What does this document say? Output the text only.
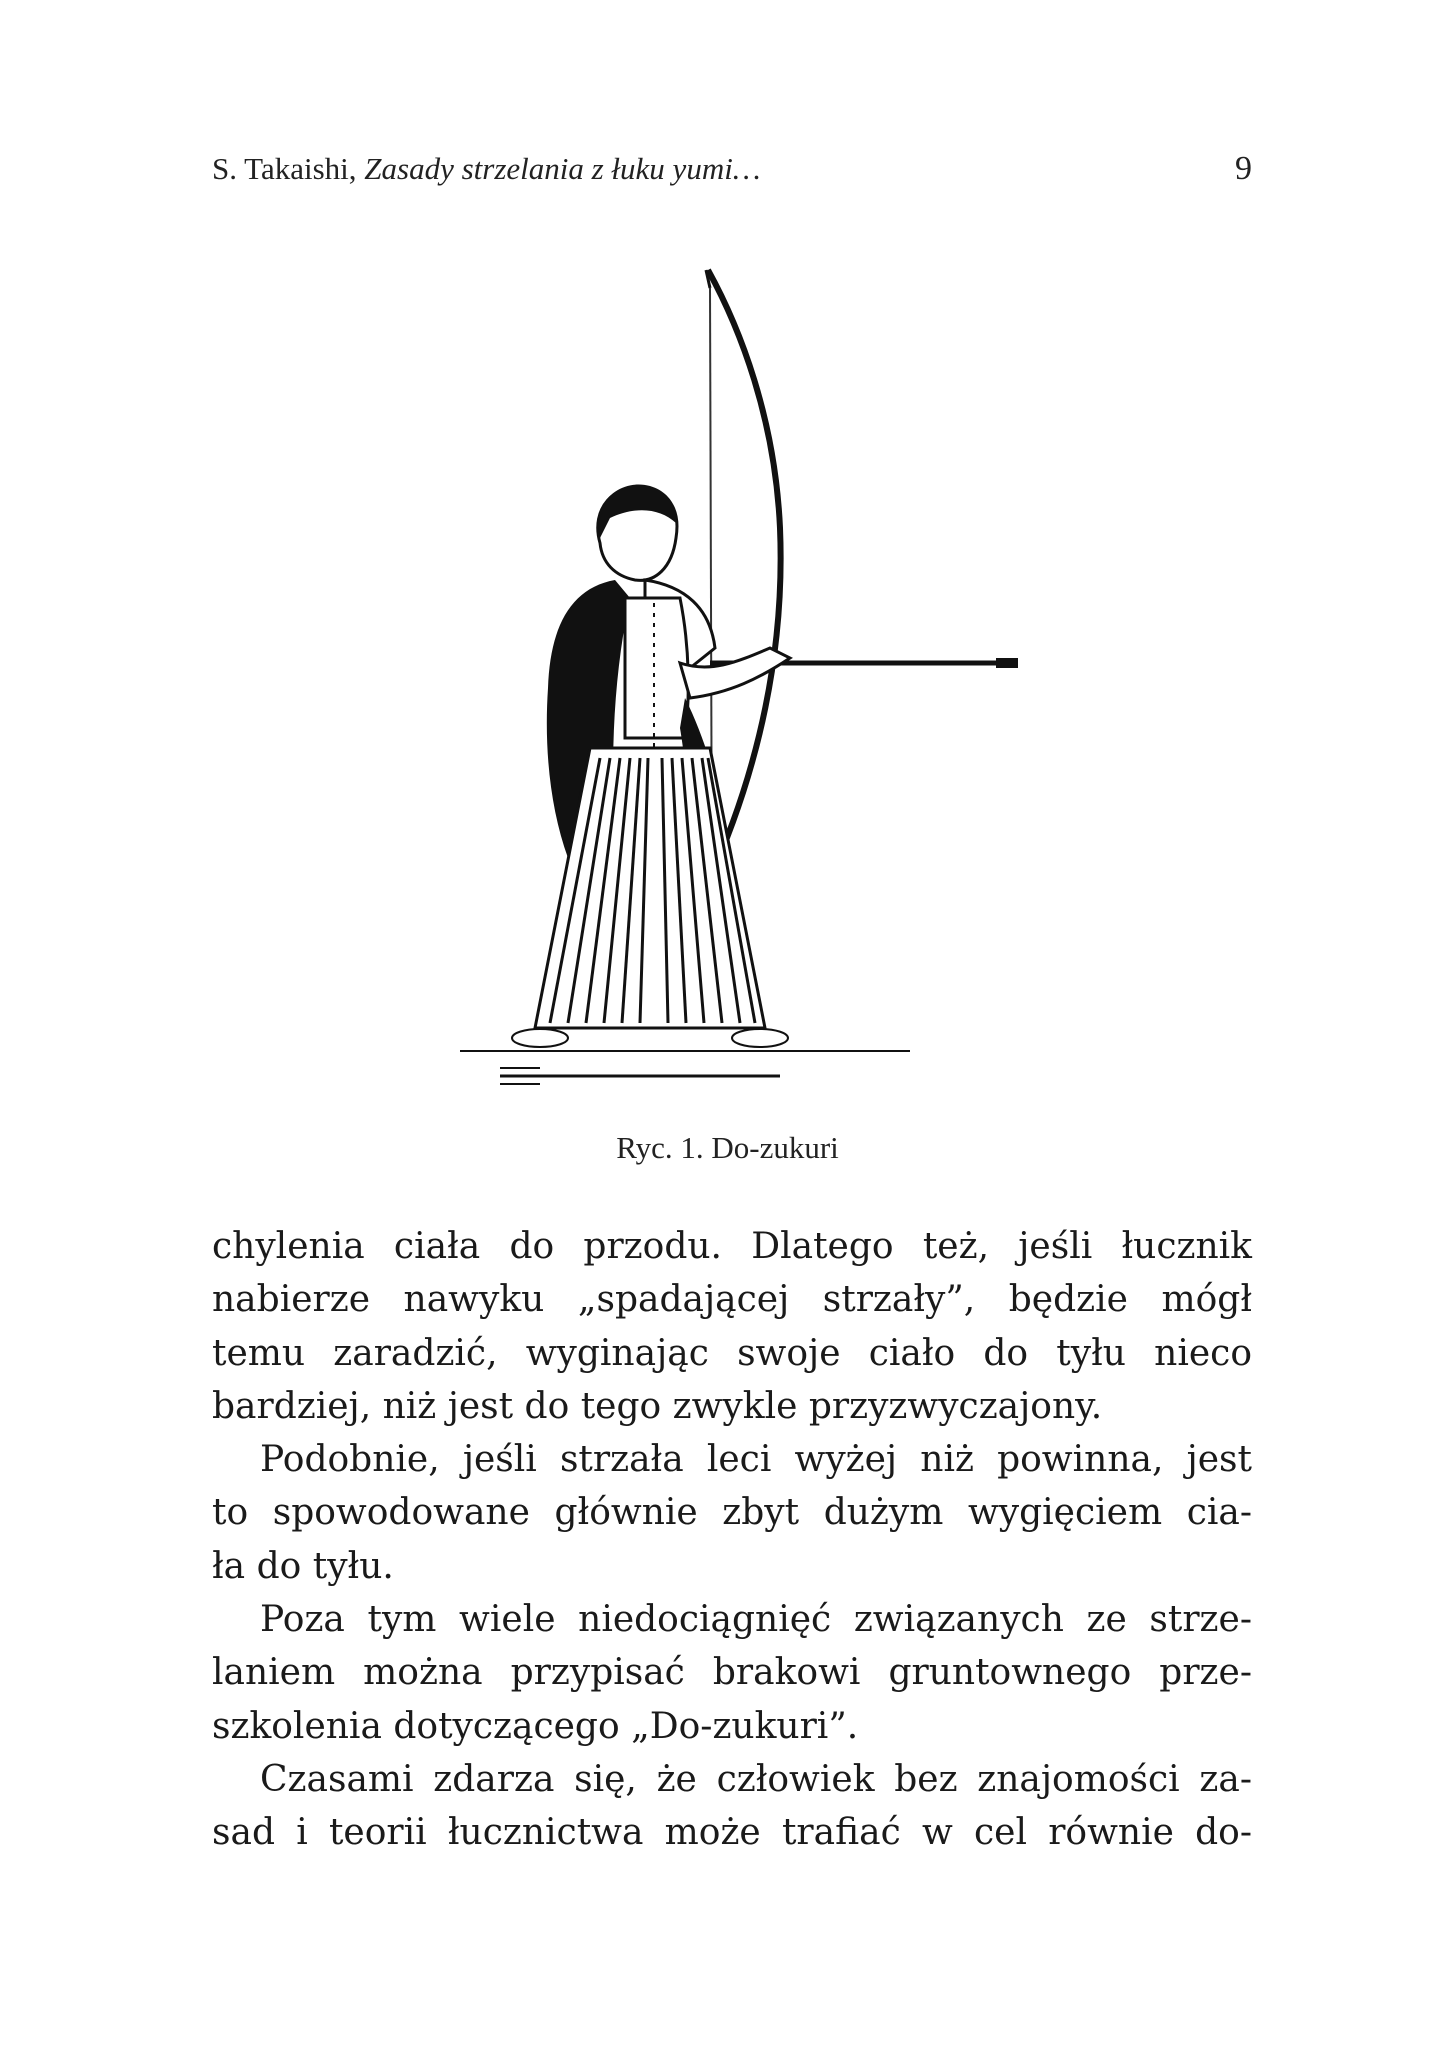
S. Takaishi, Zasady strzelania z łuku yumi…	9
Ryc. 1. Do-zukuri
chylenia ciała do przodu. Dlatego też, jeśli łucznik
nabierze nawyku „spadającej strzały”, będzie mógł
temu zaradzić, wyginając swoje ciało do tyłu nieco
bardziej, niż jest do tego zwykle przyzwyczajony.
Podobnie, jeśli strzała leci wyżej niż powinna, jest
to spowodowane głównie zbyt dużym wygięciem cia-
ła do tyłu.
Poza tym wiele niedociągnięć związanych ze strze-
laniem można przypisać brakowi gruntownego prze-
szkolenia dotyczącego „Do-zukuri”.
Czasami zdarza się, że człowiek bez znajomości za-
sad i teorii łucznictwa może trafiać w cel równie do-
